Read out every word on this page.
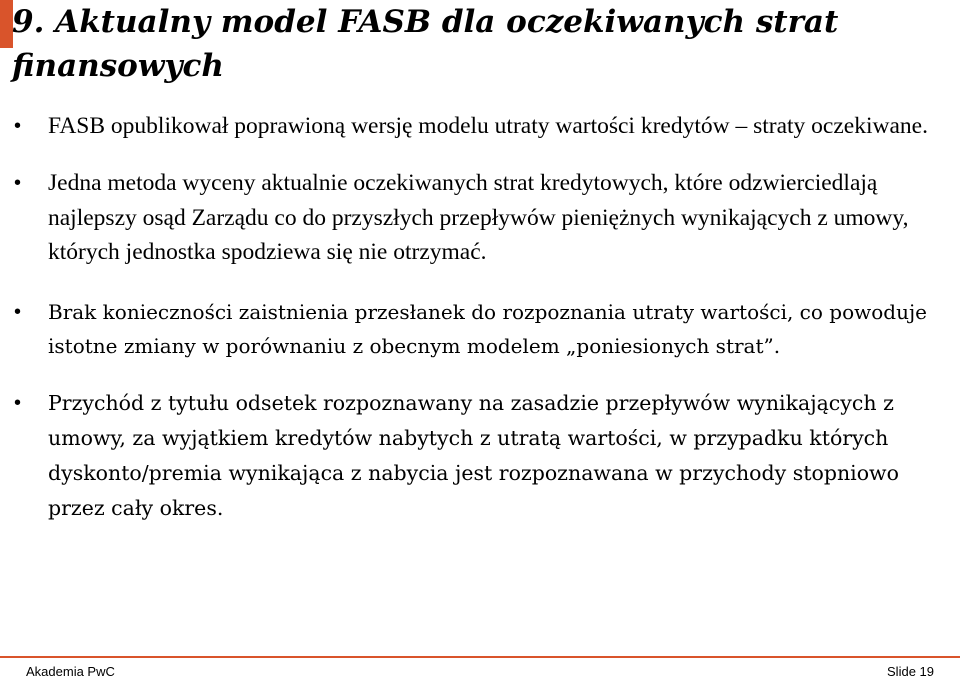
9. Aktualny model FASB dla oczekiwanych strat finansowych
• FASB opublikował poprawioną wersję modelu utraty wartości kredytów – straty oczekiwane.
• Jedna metoda wyceny aktualnie oczekiwanych strat kredytowych, które odzwierciedlają najlepszy osąd Zarządu co do przyszłych przepływów pieniężnych wynikających z umowy, których jednostka spodziewa się nie otrzymać.
• Brak konieczności zaistnienia przesłanek do rozpoznania utraty wartości, co powoduje istotne zmiany w porównaniu z obecnym modelem „poniesionych strat”.
• Przychód z tytułu odsetek rozpoznawany na zasadzie przepływów wynikających z umowy, za wyjątkiem kredytów nabytych z utratą wartości, w przypadku których dyskonto/premia wynikająca z nabycia jest rozpoznawana w przychody stopniowo przez cały okres.
Akademia PwC	Slide 19
